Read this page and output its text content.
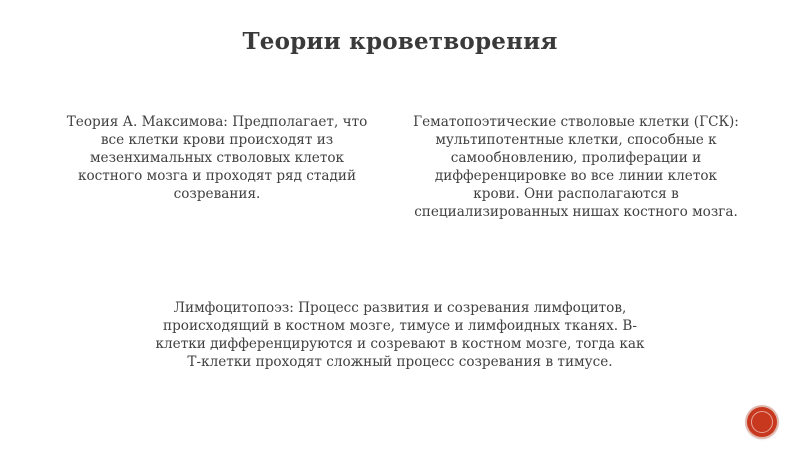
Теории кроветворения
Теория А. Максимова: Предполагает, что
все клетки крови происходят из
мезенхимальных стволовых клеток
костного мозга и проходят ряд стадий
созревания.
Гематопоэтические стволовые клетки (ГСК):
мультипотентные клетки, способные к
самообновлению, пролиферации и
дифференцировке во все линии клеток
крови. Они располагаются в
специализированных нишах костного мозга.
Лимфоцитопоэз: Процесс развития и созревания лимфоцитов,
происходящий в костном мозге, тимусе и лимфоидных тканях. В-
клетки дифференцируются и созревают в костном мозге, тогда как
Т-клетки проходят сложный процесс созревания в тимусе.
